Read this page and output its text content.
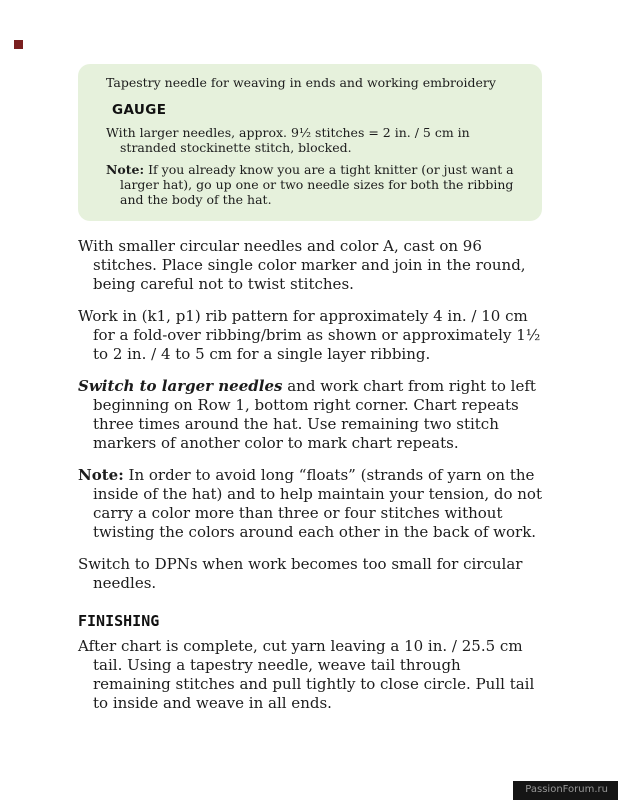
Tapestry needle for weaving in ends and working embroidery

GAUGE

With larger needles, approx. 9½ stitches = 2 in. / 5 cm in stranded stockinette stitch, blocked.

Note: If you already know you are a tight knitter (or just want a larger hat), go up one or two needle sizes for both the ribbing and the body of the hat.

With smaller circular needles and color A, cast on 96 stitches. Place single color marker and join in the round, being careful not to twist stitches.

Work in (k1, p1) rib pattern for approximately 4 in. / 10 cm for a fold-over ribbing/brim as shown or approximately 1½ to 2 in. / 4 to 5 cm for a single layer ribbing.

Switch to larger needles and work chart from right to left beginning on Row 1, bottom right corner. Chart repeats three times around the hat. Use remaining two stitch markers of another color to mark chart repeats.

Note: In order to avoid long “floats” (strands of yarn on the inside of the hat) and to help maintain your tension, do not carry a color more than three or four stitches without twisting the colors around each other in the back of work.

Switch to DPNs when work becomes too small for circular needles.

FINISHING

After chart is complete, cut yarn leaving a 10 in. / 25.5 cm tail. Using a tapestry needle, weave tail through remaining stitches and pull tightly to close circle. Pull tail to inside and weave in all ends.

PassionForum.ru
